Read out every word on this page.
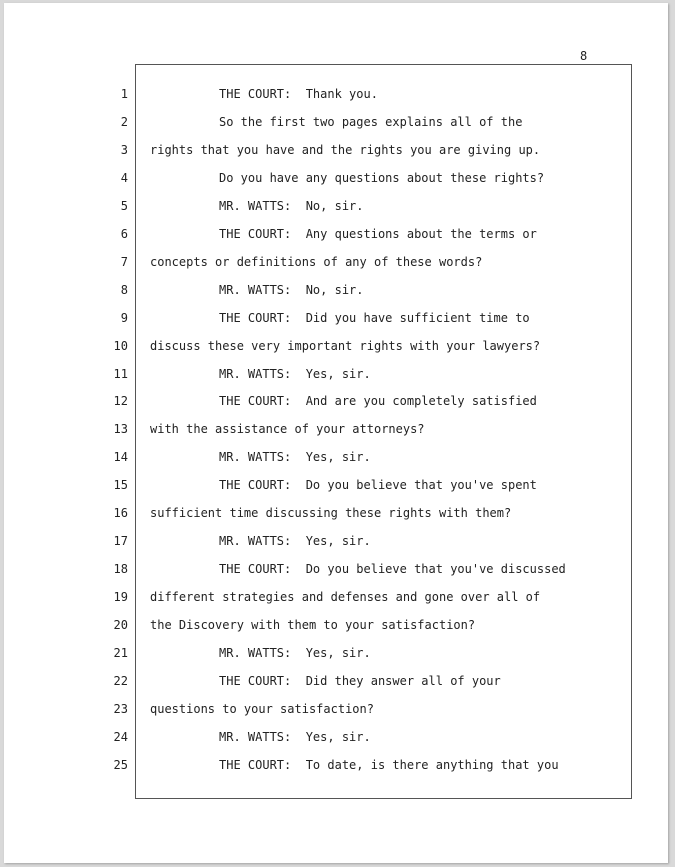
8
1
2
3
4
5
6
7
8
9
10
11
12
13
14
15
16
17
18
19
20
21
22
23
24
25
THE COURT:  Thank you.
So the first two pages explains all of the
rights that you have and the rights you are giving up.
Do you have any questions about these rights?
MR. WATTS:  No, sir.
THE COURT:  Any questions about the terms or
concepts or definitions of any of these words?
MR. WATTS:  No, sir.
THE COURT:  Did you have sufficient time to
discuss these very important rights with your lawyers?
MR. WATTS:  Yes, sir.
THE COURT:  And are you completely satisfied
with the assistance of your attorneys?
MR. WATTS:  Yes, sir.
THE COURT:  Do you believe that you've spent
sufficient time discussing these rights with them?
MR. WATTS:  Yes, sir.
THE COURT:  Do you believe that you've discussed
different strategies and defenses and gone over all of
the Discovery with them to your satisfaction?
MR. WATTS:  Yes, sir.
THE COURT:  Did they answer all of your
questions to your satisfaction?
MR. WATTS:  Yes, sir.
THE COURT:  To date, is there anything that you
